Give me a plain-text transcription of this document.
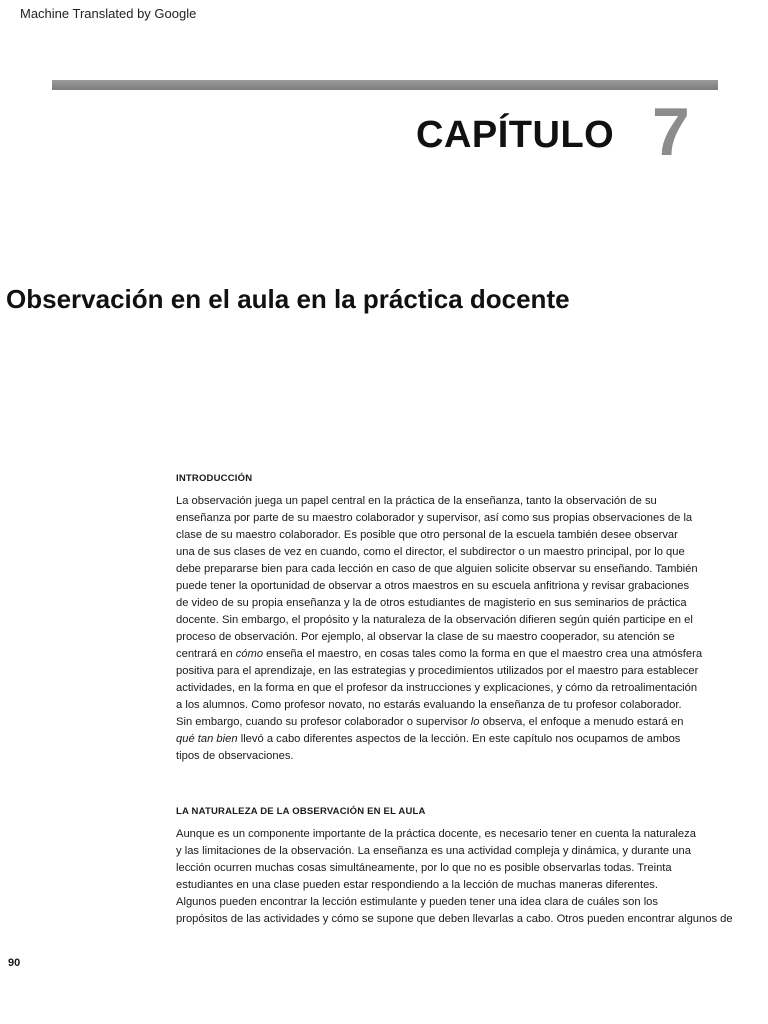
Machine Translated by Google
CAPÍTULO 7
Observación en el aula en la práctica docente
INTRODUCCIÓN
La observación juega un papel central en la práctica de la enseñanza, tanto la observación de su
enseñanza por parte de su maestro colaborador y supervisor, así como sus propias observaciones de la
clase de su maestro colaborador. Es posible que otro personal de la escuela también desee observar
una de sus clases de vez en cuando, como el director, el subdirector o un maestro principal, por lo que
debe prepararse bien para cada lección en caso de que alguien solicite observar su enseñando. También
puede tener la oportunidad de observar a otros maestros en su escuela anfitriona y revisar grabaciones
de video de su propia enseñanza y la de otros estudiantes de magisterio en sus seminarios de práctica
docente. Sin embargo, el propósito y la naturaleza de la observación difieren según quién participe en el
proceso de observación. Por ejemplo, al observar la clase de su maestro cooperador, su atención se
centrará en cómo enseña el maestro, en cosas tales como la forma en que el maestro crea una atmósfera
positiva para el aprendizaje, en las estrategias y procedimientos utilizados por el maestro para establecer
actividades, en la forma en que el profesor da instrucciones y explicaciones, y cómo da retroalimentación
a los alumnos. Como profesor novato, no estarás evaluando la enseñanza de tu profesor colaborador.
Sin embargo, cuando su profesor colaborador o supervisor lo observa, el enfoque a menudo estará en
qué tan bien llevó a cabo diferentes aspectos de la lección. En este capítulo nos ocupamos de ambos
tipos de observaciones.
LA NATURALEZA DE LA OBSERVACIÓN EN EL AULA
Aunque es un componente importante de la práctica docente, es necesario tener en cuenta la naturaleza
y las limitaciones de la observación. La enseñanza es una actividad compleja y dinámica, y durante una
lección ocurren muchas cosas simultáneamente, por lo que no es posible observarlas todas. Treinta
estudiantes en una clase pueden estar respondiendo a la lección de muchas maneras diferentes.
Algunos pueden encontrar la lección estimulante y pueden tener una idea clara de cuáles son los
propósitos de las actividades y cómo se supone que deben llevarlas a cabo. Otros pueden encontrar algunos de
90
